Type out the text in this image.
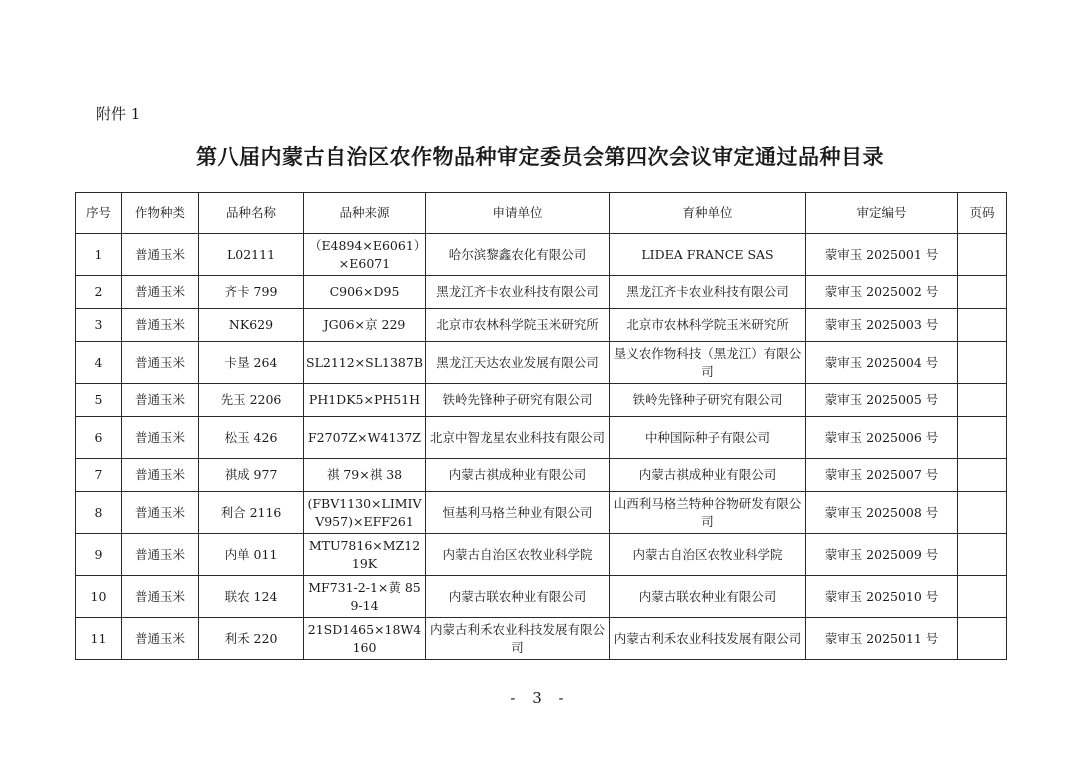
附件 1
第八届内蒙古自治区农作物品种审定委员会第四次会议审定通过品种目录
序号	作物种类	品种名称	品种来源	申请单位	育种单位	审定编号	页码
1	普通玉米	L02111	（E4894×E6061）×E6071	哈尔滨黎鑫农化有限公司	LIDEA FRANCE SAS	蒙审玉 2025001 号	
2	普通玉米	齐卡 799	C906×D95	黑龙江齐卡农业科技有限公司	黑龙江齐卡农业科技有限公司	蒙审玉 2025002 号	
3	普通玉米	NK629	JG06×京 229	北京市农林科学院玉米研究所	北京市农林科学院玉米研究所	蒙审玉 2025003 号	
4	普通玉米	卡垦 264	SL2112×SL1387B	黑龙江天达农业发展有限公司	垦义农作物科技（黑龙江）有限公司	蒙审玉 2025004 号	
5	普通玉米	先玉 2206	PH1DK5×PH51H	铁岭先锋种子研究有限公司	铁岭先锋种子研究有限公司	蒙审玉 2025005 号	
6	普通玉米	松玉 426	F2707Z×W4137Z	北京中智龙星农业科技有限公司	中种国际种子有限公司	蒙审玉 2025006 号	
7	普通玉米	祺成 977	祺 79×祺 38	内蒙古祺成种业有限公司	内蒙古祺成种业有限公司	蒙审玉 2025007 号	
8	普通玉米	利合 2116	(FBV1130×LIMIVV957)×EFF261	恒基利马格兰种业有限公司	山西利马格兰特种谷物研发有限公司	蒙审玉 2025008 号	
9	普通玉米	内单 011	MTU7816×MZ1219K	内蒙古自治区农牧业科学院	内蒙古自治区农牧业科学院	蒙审玉 2025009 号	
10	普通玉米	联农 124	MF731-2-1×黄 859-14	内蒙古联农种业有限公司	内蒙古联农种业有限公司	蒙审玉 2025010 号	
11	普通玉米	利禾 220	21SD1465×18W4160	内蒙古利禾农业科技发展有限公司	内蒙古利禾农业科技发展有限公司	蒙审玉 2025011 号	
- 3 -
